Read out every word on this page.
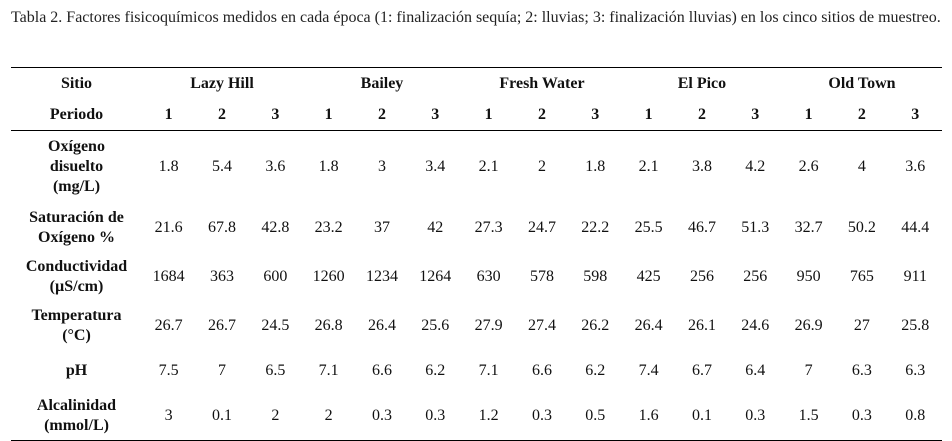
Tabla 2. Factores fisicoquímicos medidos en cada época (1: finalización sequía; 2: lluvias; 3: finalización lluvias) en los cinco sitios de muestreo.
Sitio	Lazy Hill			Bailey			Fresh Water			El Pico			Old Town		
Periodo	1	2	3	1	2	3	1	2	3	1	2	3	1	2	3

Oxígeno
disuelto
(mg/L)	1.8	5.4	3.6	1.8	3	3.4	2.1	2	1.8	2.1	3.8	4.2	2.6	4	3.6

Saturación de
Oxígeno %	21.6	67.8	42.8	23.2	37	42	27.3	24.7	22.2	25.5	46.7	51.3	32.7	50.2	44.4

Conductividad
(µS/cm)	1684	363	600	1260	1234	1264	630	578	598	425	256	256	950	765	911

Temperatura
(°C)	26.7	26.7	24.5	26.8	26.4	25.6	27.9	27.4	26.2	26.4	26.1	24.6	26.9	27	25.8

pH	7.5	7	6.5	7.1	6.6	6.2	7.1	6.6	6.2	7.4	6.7	6.4	7	6.3	6.3

Alcalinidad
(mmol/L)	3	0.1	2	2	0.3	0.3	1.2	0.3	0.5	1.6	0.1	0.3	1.5	0.3	0.8
